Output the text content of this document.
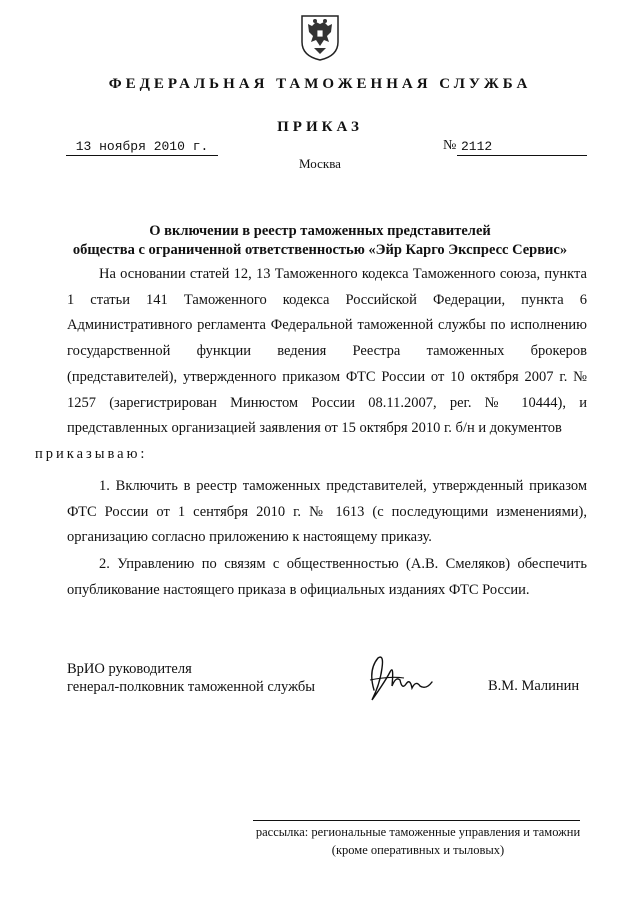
ФЕДЕРАЛЬНАЯ ТАМОЖЕННАЯ СЛУЖБА
ПРИКАЗ
13 ноября 2010 г.	№ 2112
Москва
О включении в реестр таможенных представителей
общества с ограниченной ответственностью «Эйр Карго Экспресс Сервис»

На основании статей 12, 13 Таможенного кодекса Таможенного союза, пункта 1 статьи 141 Таможенного кодекса Российской Федерации, пункта 6 Административного регламента Федеральной таможенной службы по исполнению государственной функции ведения Реестра таможенных брокеров (представителей), утвержденного приказом ФТС России от 10 октября 2007 г. № 1257 (зарегистрирован Минюстом России 08.11.2007, рег. № 10444), и представленных организацией заявления от 15 октября 2010 г. б/н и документов
приказываю:

1. Включить в реестр таможенных представителей, утвержденный приказом ФТС России от 1 сентября 2010 г. № 1613 (с последующими изменениями), организацию согласно приложению к настоящему приказу.

2. Управлению по связям с общественностью (А.В. Смеляков) обеспечить опубликование настоящего приказа в официальных изданиях ФТС России.

ВрИО руководителя
генерал-полковник таможенной службы	В.М. Малинин
рассылка: региональные таможенные управления и таможни
(кроме оперативных и тыловых)
